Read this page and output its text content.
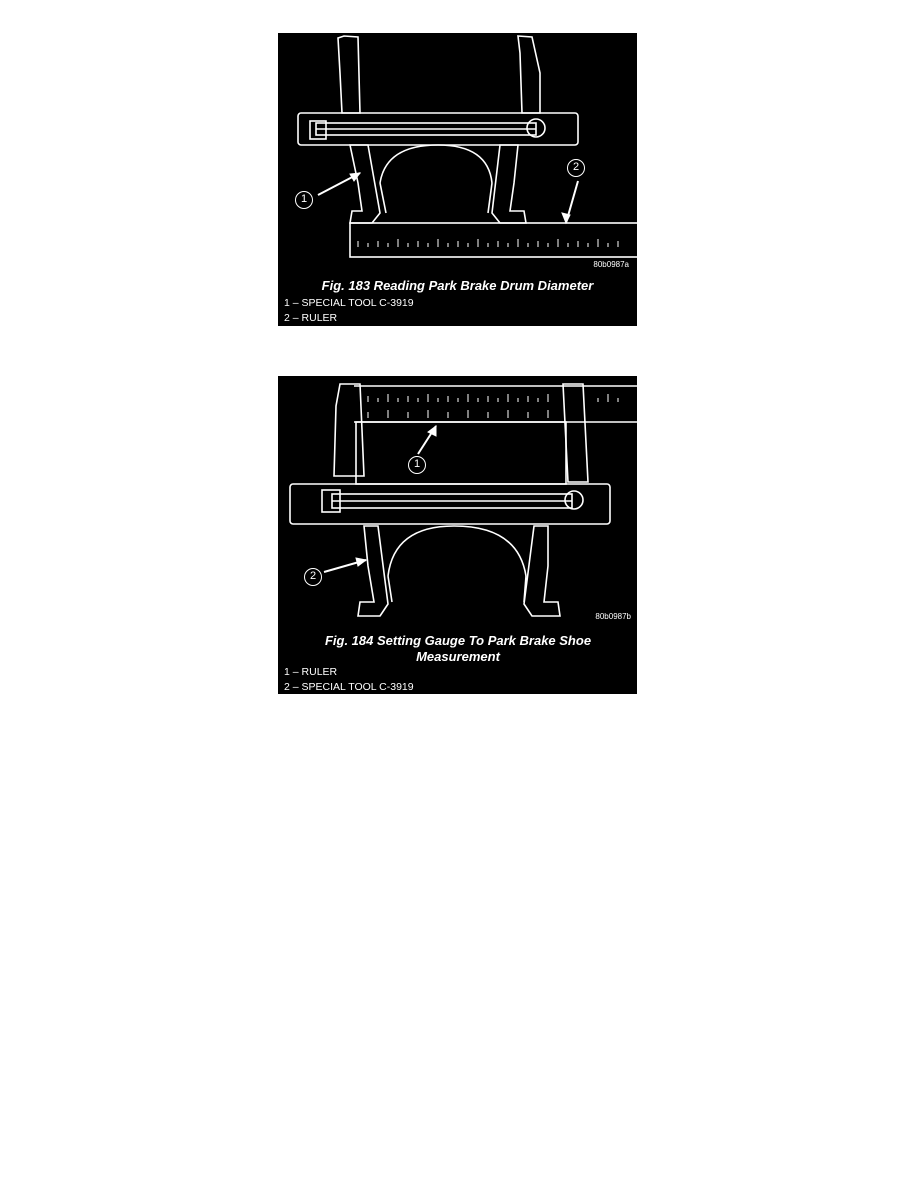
1
2
80b0987a
Fig. 183 Reading Park Brake Drum Diameter
1 – SPECIAL TOOL C-3919
2 – RULER
1
2
80b0987b
Fig. 184 Setting Gauge To Park Brake Shoe Measurement
1 – RULER
2 – SPECIAL TOOL C-3919
